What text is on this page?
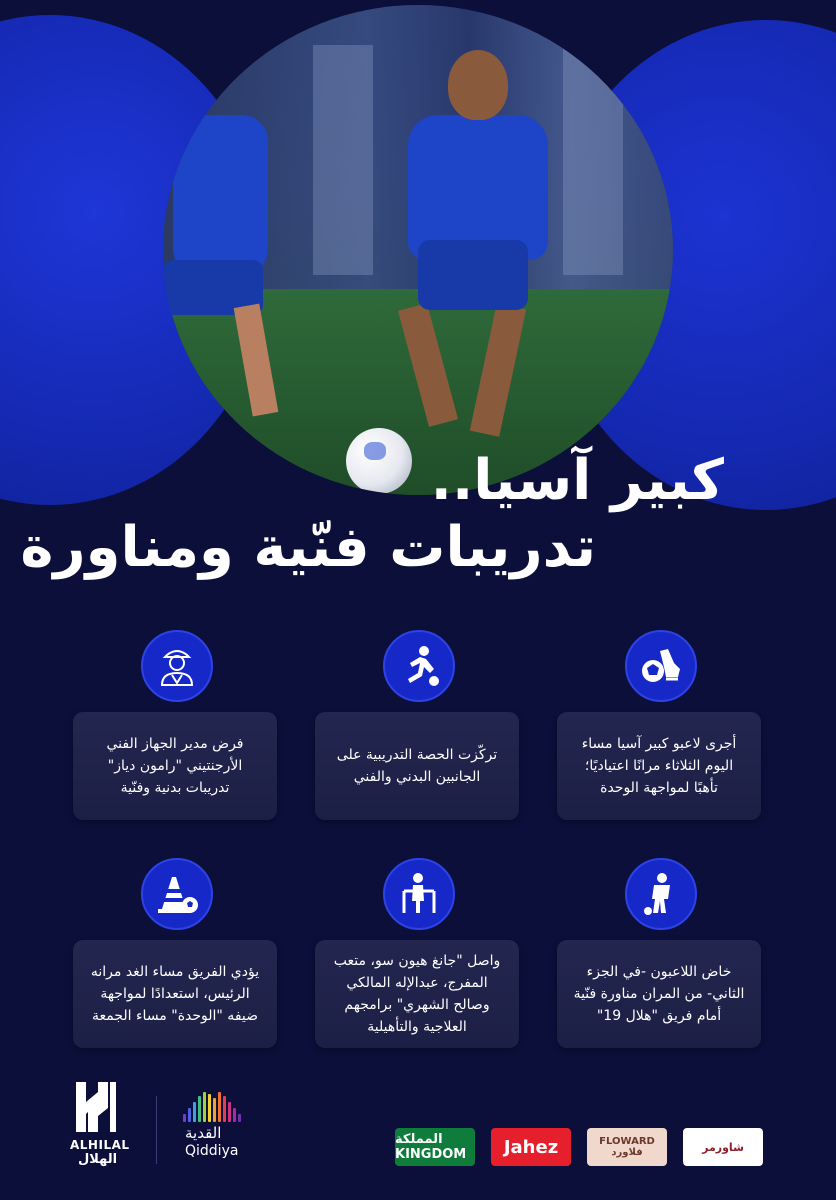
كبير آسيا..
تدريبات فنّية ومناورة

أجرى لاعبو كبير آسيا مساء اليوم الثلاثاء مرانًا اعتياديًا؛ تأهبًا لمواجهة الوحدة

تركّزت الحصة التدريبية على الجانبين البدني والفني

فرض مدير الجهاز الفني الأرجنتيني "رامون دياز" تدريبات بدنية وفنّية

خاض اللاعبون -في الجزء الثاني- من المران مناورة فنّية أمام فريق "هلال 19"

واصل "جانغ هيون سو، متعب المفرج، عبدالإله المالكي وصالح الشهري" برامجهم العلاجية والتأهيلية

يؤدي الفريق مساء الغد مرانه الرئيس، استعدادًا لمواجهة ضيفه "الوحدة" مساء الجمعة

ALHILAL
الهلال
القدية
Qiddiya
المملكة KINGDOM	Jahez	FLOWARD
فلاورد	شاورمر
